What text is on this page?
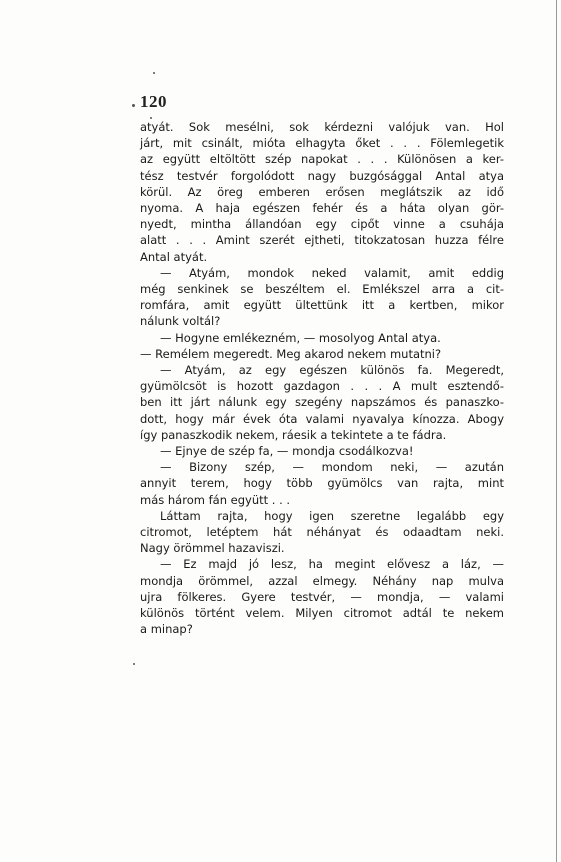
120
atyát. Sok mesélni, sok kérdezni valójuk van. Hol
járt, mit csinált, mióta elhagyta őket . . . Fölemlegetik
az együtt eltöltött szép napokat . . . Különösen a ker-
tész testvér forgolódott nagy buzgósággal Antal atya
körül. Az öreg emberen erősen meglátszik az idő
nyoma. A haja egészen fehér és a háta olyan gör-
nyedt, mintha állandóan egy cipőt vinne a csuhája
alatt . . . Amint szerét ejtheti, titokzatosan huzza félre
Antal atyát.
— Atyám, mondok neked valamit, amit eddig
még senkinek se beszéltem el. Emlékszel arra a cit-
romfára, amit együtt ültettünk itt a kertben, mikor
nálunk voltál?
— Hogyne emlékezném, — mosolyog Antal atya.
— Remélem megeredt. Meg akarod nekem mutatni?
— Atyám, az egy egészen különös fa. Megeredt,
gyümölcsöt is hozott gazdagon . . . A mult esztendő-
ben itt járt nálunk egy szegény napszámos és panaszko-
dott, hogy már évek óta valami nyavalya kínozza. Abogy
így panaszkodik nekem, ráesik a tekintete a te fádra.
— Ejnye de szép fa, — mondja csodálkozva!
— Bizony szép, — mondom neki, — azután
annyit terem, hogy több gyümölcs van rajta, mint
más három fán együtt . . .
Láttam rajta, hogy igen szeretne legalább egy
citromot, letéptem hát néhányat és odaadtam neki.
Nagy örömmel hazaviszi.
— Ez majd jó lesz, ha megint elővesz a láz, —
mondja örömmel, azzal elmegy. Néhány nap mulva
ujra fölkeres. Gyere testvér, — mondja, — valami
különös történt velem. Milyen citromot adtál te nekem
a minap?
